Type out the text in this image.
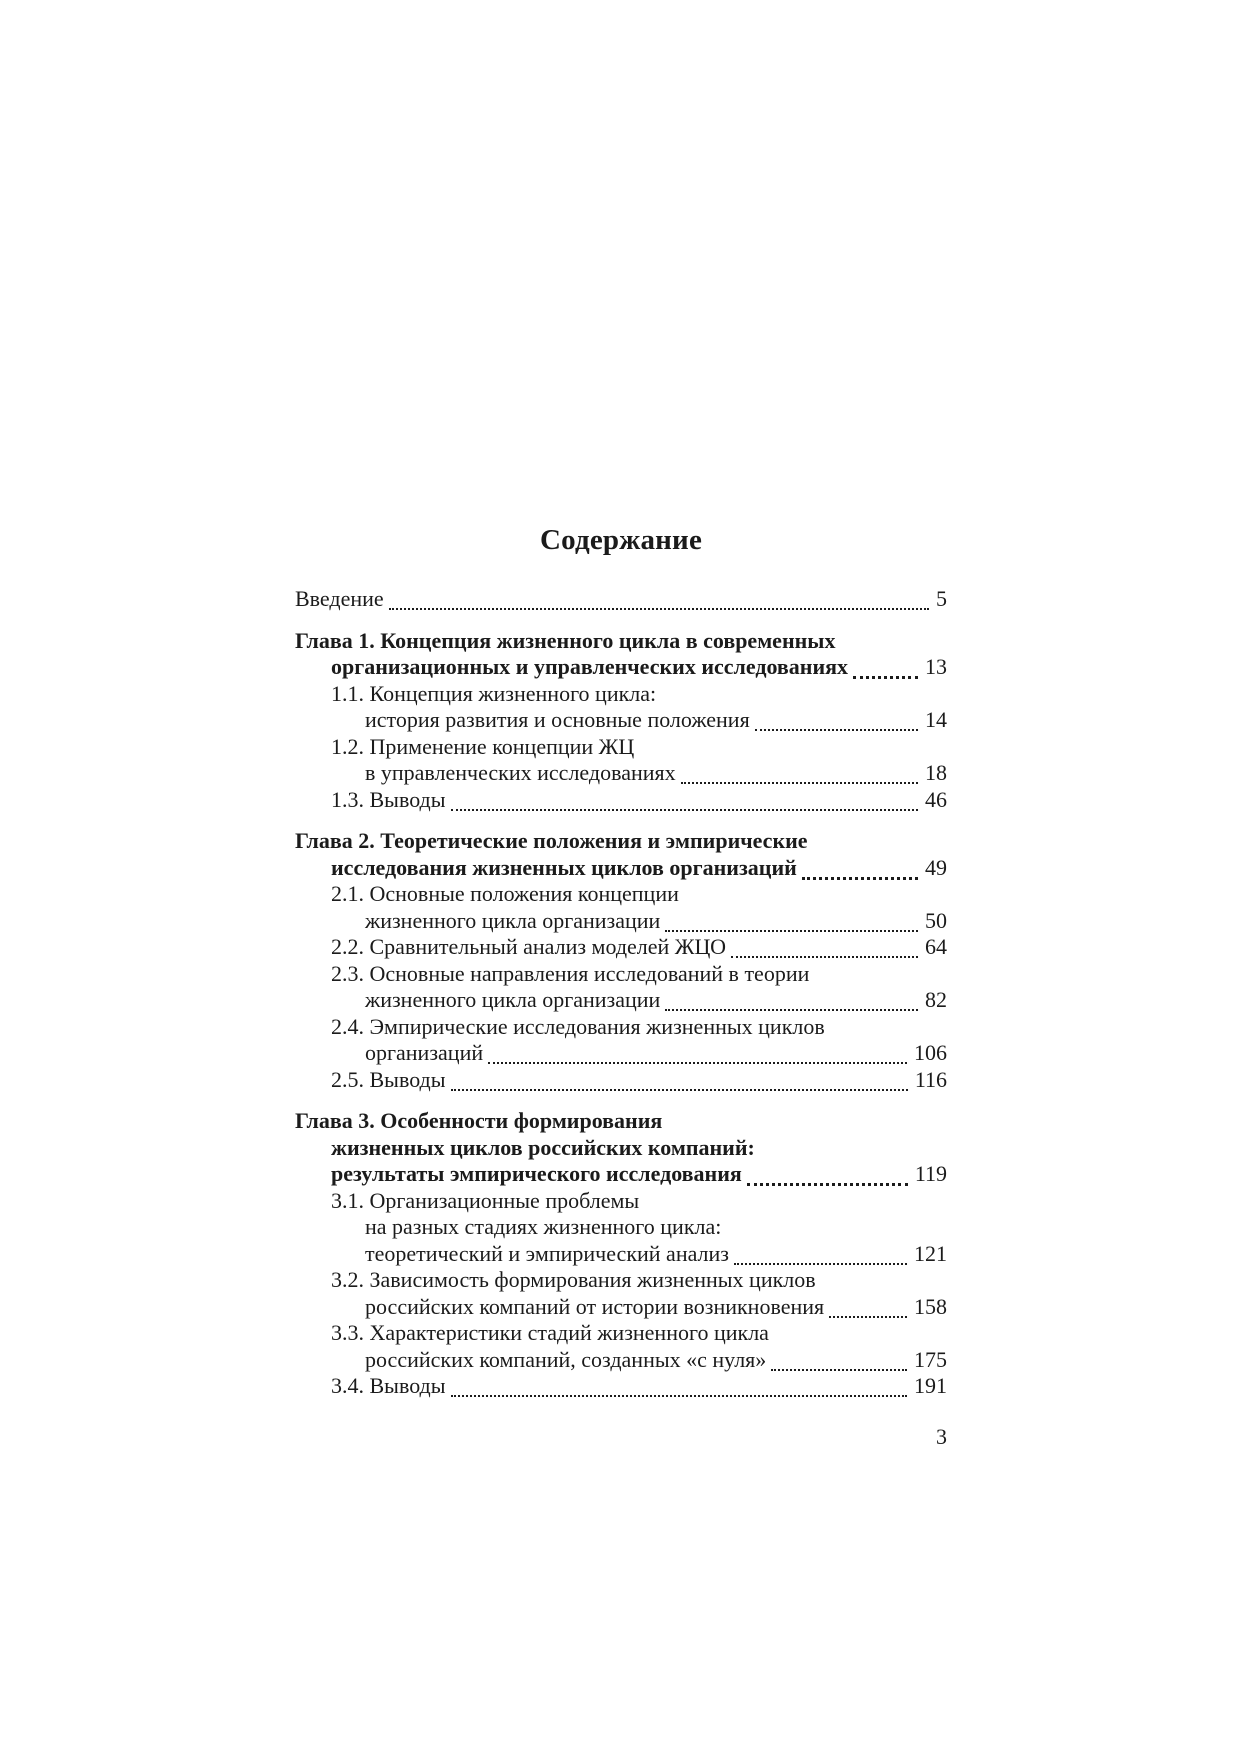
Содержание
Введение	5
Глава 1. Концепция жизненного цикла в современных
организационных и управленческих исследованиях	13
1.1. Концепция жизненного цикла:
история развития и основные положения	14
1.2. Применение концепции ЖЦ
в управленческих исследованиях	18
1.3. Выводы	46
Глава 2. Теоретические положения и эмпирические
исследования жизненных циклов организаций	49
2.1. Основные положения концепции
жизненного цикла организации	50
2.2. Сравнительный анализ моделей ЖЦО	64
2.3. Основные направления исследований в теории
жизненного цикла организации	82
2.4. Эмпирические исследования жизненных циклов
организаций	106
2.5. Выводы	116
Глава 3. Особенности формирования
жизненных циклов российских компаний:
результаты эмпирического исследования	119
3.1. Организационные проблемы
на разных стадиях жизненного цикла:
теоретический и эмпирический анализ	121
3.2. Зависимость формирования жизненных циклов
российских компаний от истории возникновения	158
3.3. Характеристики стадий жизненного цикла
российских компаний, созданных «с нуля»	175
3.4. Выводы	191
3
